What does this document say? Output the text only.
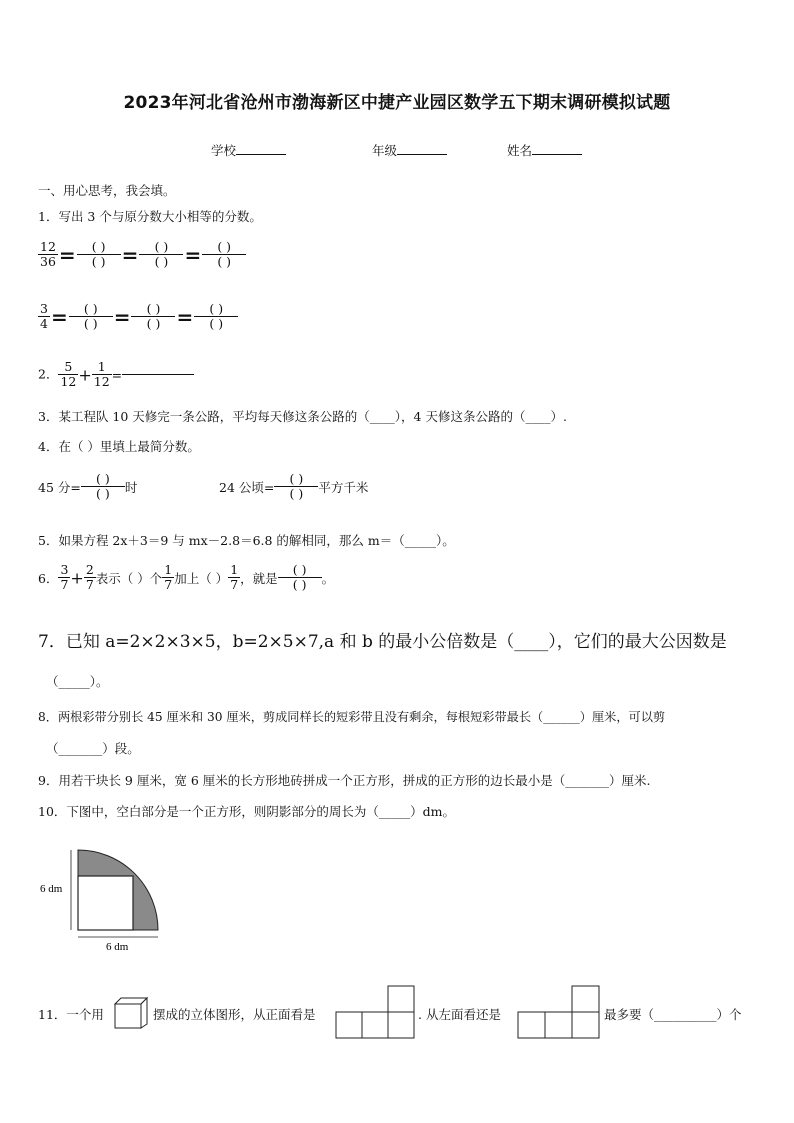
2023年河北省沧州市渤海新区中捷产业园区数学五下期末调研模拟试题
学校	年级	姓名
一、用心思考，我会填。
1．写出 3 个与原分数大小相等的分数。
$\frac{12}{36} = \frac{( )}{( )} = \frac{( )}{( )} = \frac{( )}{( )}$
$\frac{3}{4} = \frac{( )}{( )} = \frac{( )}{( )} = \frac{( )}{( )}$
2． $\frac{5}{12} + \frac{1}{12}$ =
3．某工程队 10 天修完一条公路，平均每天修这条公路的（____），4 天修这条公路的（____）.
4．在（ ）里填上最简分数。
45 分= $\frac{( )}{( )}$ 时	24 公顷= $\frac{( )}{( )}$ 平方千米
5．如果方程 2x＋3＝9 与 mx－2.8＝6.8 的解相同，那么 m＝（_____）。
6． $\frac{3}{7} + \frac{2}{7}$ 表示（ ）个 $\frac{1}{7}$ 加上（ ） $\frac{1}{7}$ ，就是 $\frac{( )}{( )}$ 。
7．已知 a=2×2×3×5，b=2×5×7,a 和 b 的最小公倍数是（____），它们的最大公因数是
（_____）。
8．两根彩带分别长 45 厘米和 30 厘米，剪成同样长的短彩带且没有剩余，每根短彩带最长（______）厘米，可以剪
（_______）段。
9．用若干块长 9 厘米，宽 6 厘米的长方形地砖拼成一个正方形，拼成的正方形的边长最小是（_______）厘米.
10．下图中，空白部分是一个正方形，则阴影部分的周长为（_____）dm。
6 dm
6 dm
11．一个用	摆成的立体图形，从正面看是	. 从左面看还是	最多要（__________）个
